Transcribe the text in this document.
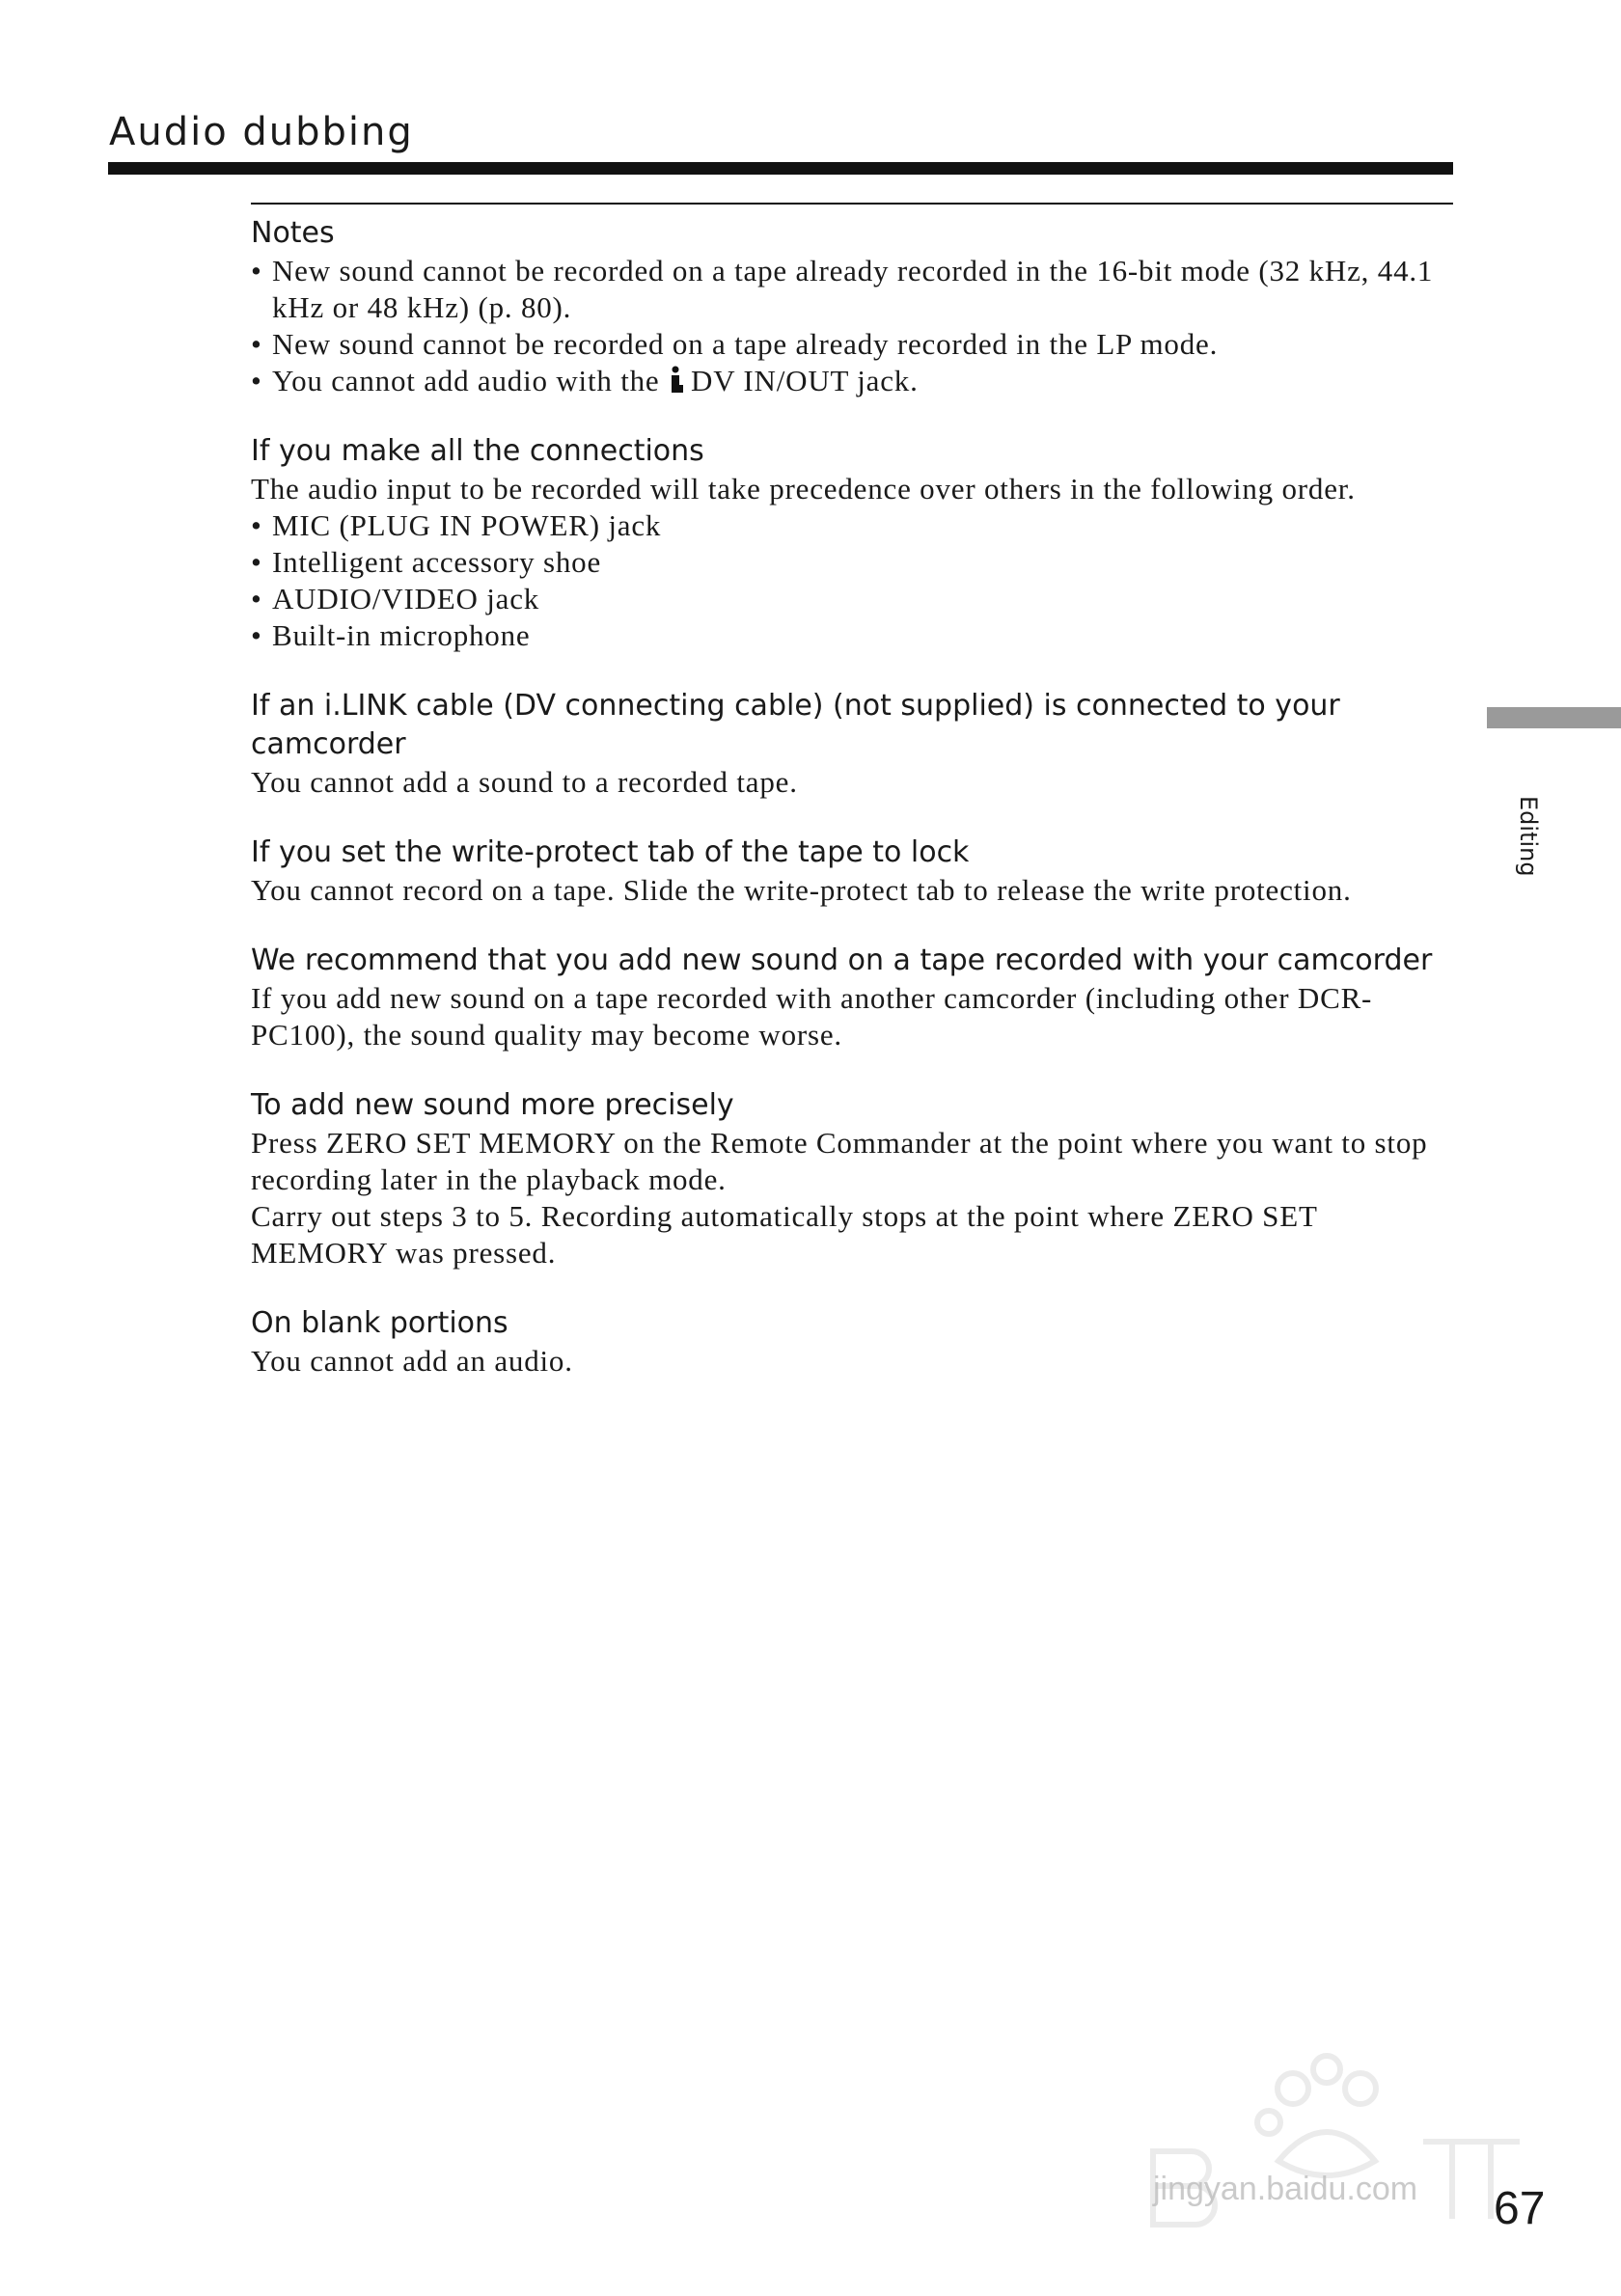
Audio dubbing
Notes
• New sound cannot be recorded on a tape already recorded in the 16-bit mode (32 kHz, 44.1 kHz or 48 kHz) (p. 80).
• New sound cannot be recorded on a tape already recorded in the LP mode.
• You cannot add audio with the DV IN/OUT jack.
If you make all the connections

The audio input to be recorded will take precedence over others in the following order.

• MIC (PLUG IN POWER) jack
• Intelligent accessory shoe
• AUDIO/VIDEO jack
• Built-in microphone
If an i.LINK cable (DV connecting cable) (not supplied) is connected to your camcorder

You cannot add a sound to a recorded tape.

If you set the write-protect tab of the tape to lock

You cannot record on a tape. Slide the write-protect tab to release the write protection.

We recommend that you add new sound on a tape recorded with your camcorder

If you add new sound on a tape recorded with another camcorder (including other DCR-PC100), the sound quality may become worse.

To add new sound more precisely

Press ZERO SET MEMORY on the Remote Commander at the point where you want to stop recording later in the playback mode.

Carry out steps 3 to 5. Recording automatically stops at the point where ZERO SET MEMORY was pressed.

On blank portions

You cannot add an audio.

Editing
jingyan.baidu.com 67
